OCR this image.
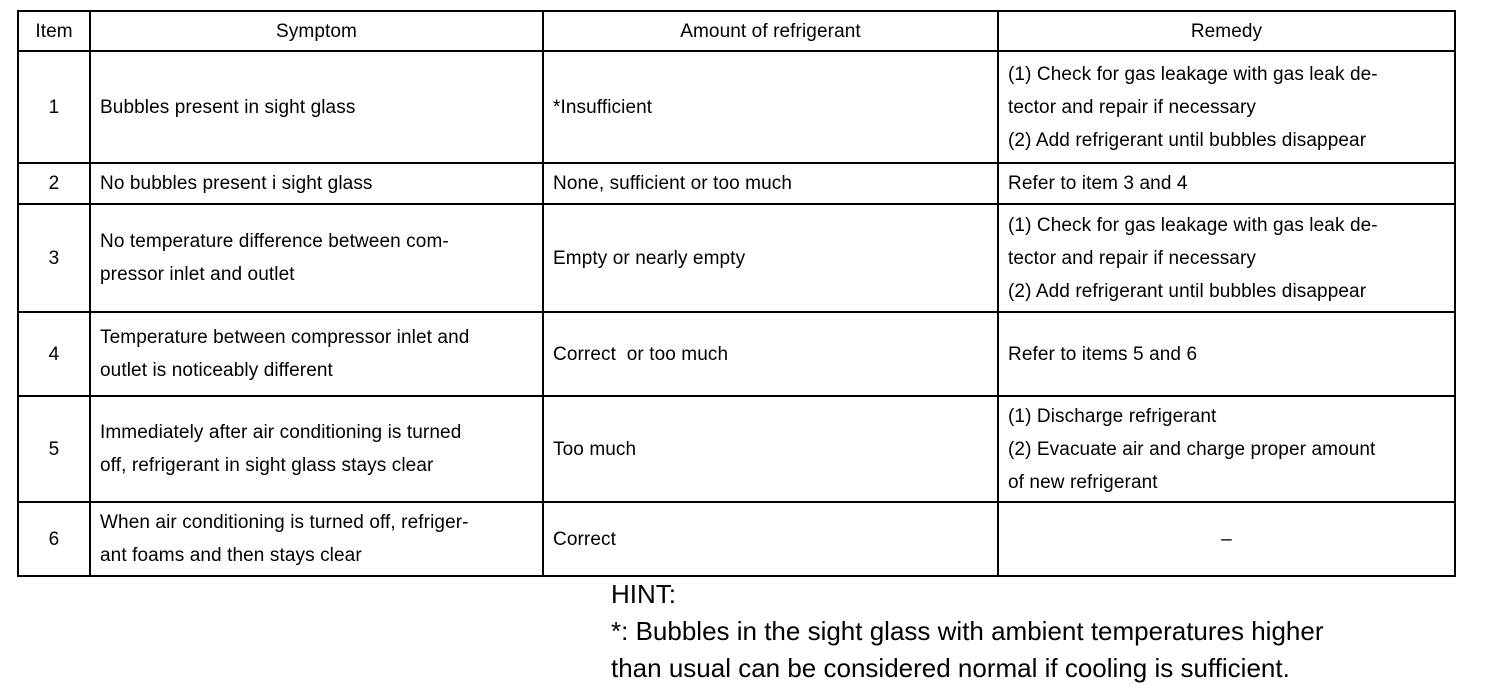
Item	Symptom	Amount of refrigerant	Remedy
1	Bubbles present in sight glass	*Insufficient	(1) Check for gas leakage with gas leak de-
tector and repair if necessary
(2) Add refrigerant until bubbles disappear

2	No bubbles present i sight glass	None, sufficient or too much	Refer to item 3 and 4

3	No temperature difference between com-
pressor inlet and outlet	Empty or nearly empty	(1) Check for gas leakage with gas leak de-
tector and repair if necessary
(2) Add refrigerant until bubbles disappear

4	Temperature between compressor inlet and
outlet is noticeably different	Correct  or too much	Refer to items 5 and 6

5	Immediately after air conditioning is turned
off, refrigerant in sight glass stays clear	Too much	(1) Discharge refrigerant
(2) Evacuate air and charge proper amount
of new refrigerant

6	When air conditioning is turned off, refriger-
ant foams and then stays clear	Correct	–
HINT:
*: Bubbles in the sight glass with ambient temperatures higher
than usual can be considered normal if cooling is sufficient.
